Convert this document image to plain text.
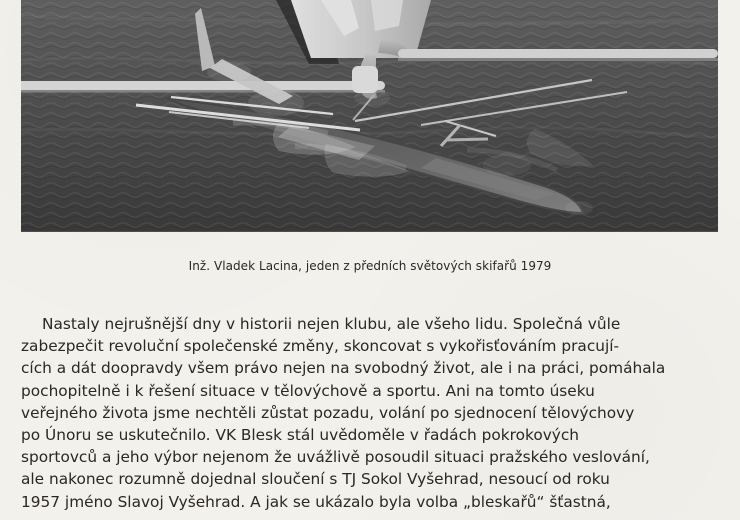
Inž. Vladek Lacina, jeden z předních světových skifařů 1979
Nastaly nejrušnější dny v historii nejen klubu, ale všeho lidu. Společná vůle
zabezpečit revoluční společenské změny, skoncovat s vykořisťováním pracují-
cích a dát doopravdy všem právo nejen na svobodný život, ale i na práci, pomáhala
pochopitelně i k řešení situace v tělovýchově a sportu. Ani na tomto úseku
veřejného života jsme nechtěli zůstat pozadu, volání po sjednocení tělovýchovy
po Únoru se uskutečnilo. VK Blesk stál uvědoměle v řadách pokrokových
sportovců a jeho výbor nejenom že uvážlivě posoudil situaci pražského veslování,
ale nakonec rozumně dojednal sloučení s TJ Sokol Vyšehrad, nesoucí od roku
1957 jméno Slavoj Vyšehrad. A jak se ukázalo byla volba „bleskařů“ šťastná,
